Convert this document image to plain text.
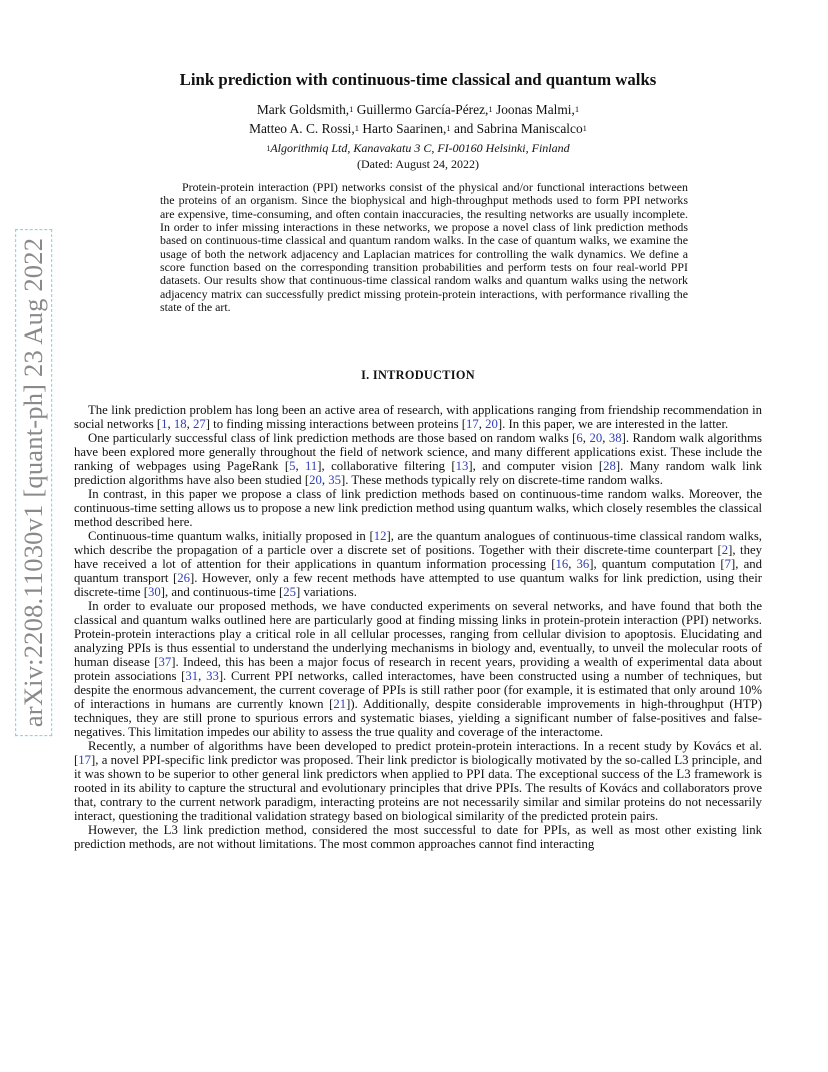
arXiv:2208.11030v1 [quant-ph] 23 Aug 2022
Link prediction with continuous-time classical and quantum walks
Mark Goldsmith,$^1$ Guillermo García-Pérez,$^1$ Joonas Malmi,$^1$
Matteo A. C. Rossi,$^1$ Harto Saarinen,$^1$ and Sabrina Maniscalco$^1$
$^1$Algorithmiq Ltd, Kanavakatu 3 C, FI-00160 Helsinki, Finland
(Dated: August 24, 2022)

Protein-protein interaction (PPI) networks consist of the physical and/or functional interactions between the proteins of an organism. Since the biophysical and high-throughput methods used to form PPI networks are expensive, time-consuming, and often contain inaccuracies, the resulting networks are usually incomplete. In order to infer missing interactions in these networks, we propose a novel class of link prediction methods based on continuous-time classical and quantum random walks. In the case of quantum walks, we examine the usage of both the network adjacency and Laplacian matrices for controlling the walk dynamics. We define a score function based on the corresponding transition probabilities and perform tests on four real-world PPI datasets. Our results show that continuous-time classical random walks and quantum walks using the network adjacency matrix can successfully predict missing protein-protein interactions, with performance rivalling the state of the art.

I. INTRODUCTION

The link prediction problem has long been an active area of research, with applications ranging from friendship recommendation in social networks [1, 18, 27] to finding missing interactions between proteins [17, 20]. In this paper, we are interested in the latter.

One particularly successful class of link prediction methods are those based on random walks [6, 20, 38]. Random walk algorithms have been explored more generally throughout the field of network science, and many different applications exist. These include the ranking of webpages using PageRank [5, 11], collaborative filtering [13], and computer vision [28]. Many random walk link prediction algorithms have also been studied [20, 35]. These methods typically rely on discrete-time random walks.

In contrast, in this paper we propose a class of link prediction methods based on continuous-time random walks. Moreover, the continuous-time setting allows us to propose a new link prediction method using quantum walks, which closely resembles the classical method described here.

Continuous-time quantum walks, initially proposed in [12], are the quantum analogues of continuous-time classical random walks, which describe the propagation of a particle over a discrete set of positions. Together with their discrete-time counterpart [2], they have received a lot of attention for their applications in quantum information processing [16, 36], quantum computation [7], and quantum transport [26]. However, only a few recent methods have attempted to use quantum walks for link prediction, using their discrete-time [30], and continuous-time [25] variations.

In order to evaluate our proposed methods, we have conducted experiments on several networks, and have found that both the classical and quantum walks outlined here are particularly good at finding missing links in protein-protein interaction (PPI) networks. Protein-protein interactions play a critical role in all cellular processes, ranging from cellular division to apoptosis. Elucidating and analyzing PPIs is thus essential to understand the underlying mechanisms in biology and, eventually, to unveil the molecular roots of human disease [37]. Indeed, this has been a major focus of research in recent years, providing a wealth of experimental data about protein associations [31, 33]. Current PPI networks, called interactomes, have been constructed using a number of techniques, but despite the enormous advancement, the current coverage of PPIs is still rather poor (for example, it is estimated that only around 10% of interactions in humans are currently known [21]). Additionally, despite considerable improvements in high-throughput (HTP) techniques, they are still prone to spurious errors and systematic biases, yielding a significant number of false-positives and false-negatives. This limitation impedes our ability to assess the true quality and coverage of the interactome.

Recently, a number of algorithms have been developed to predict protein-protein interactions. In a recent study by Kovács et al. [17], a novel PPI-specific link predictor was proposed. Their link predictor is biologically motivated by the so-called L3 principle, and it was shown to be superior to other general link predictors when applied to PPI data. The exceptional success of the L3 framework is rooted in its ability to capture the structural and evolutionary principles that drive PPIs. The results of Kovács and collaborators prove that, contrary to the current network paradigm, interacting proteins are not necessarily similar and similar proteins do not necessarily interact, questioning the traditional validation strategy based on biological similarity of the predicted protein pairs.

However, the L3 link prediction method, considered the most successful to date for PPIs, as well as most other existing link prediction methods, are not without limitations. The most common approaches cannot find interacting
